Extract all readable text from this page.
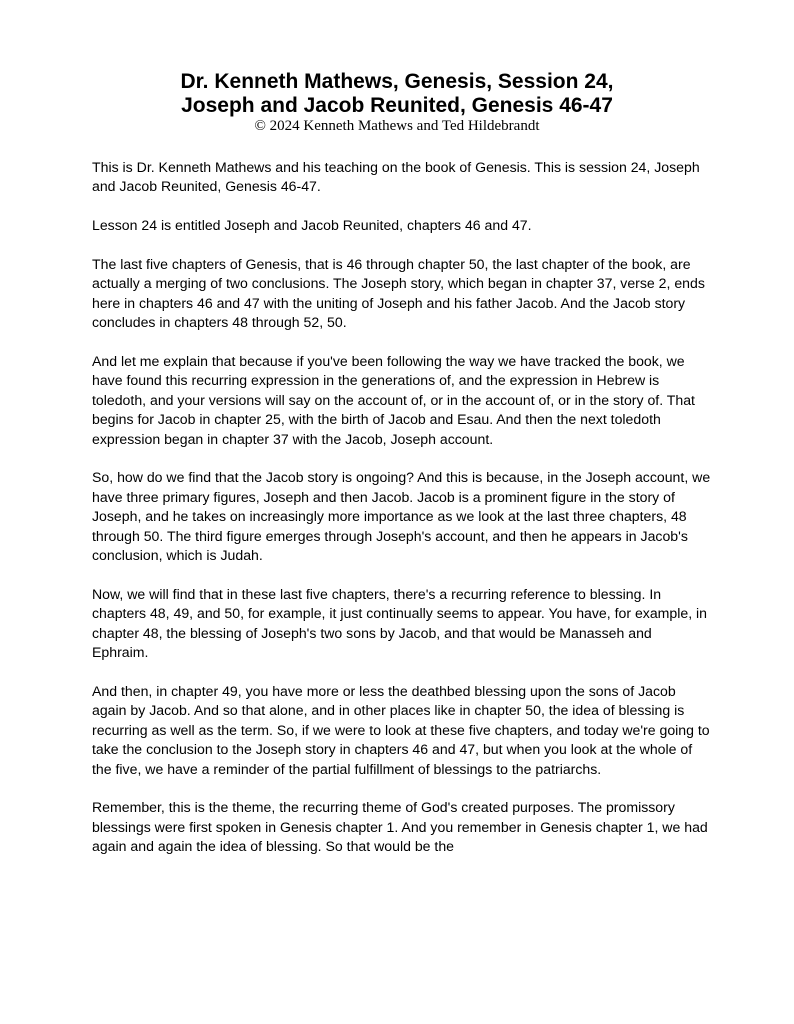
Dr. Kenneth Mathews, Genesis, Session 24,
Joseph and Jacob Reunited, Genesis 46-47
© 2024 Kenneth Mathews and Ted Hildebrandt

This is Dr. Kenneth Mathews and his teaching on the book of Genesis. This is session 24, Joseph and Jacob Reunited, Genesis 46-47.

Lesson 24 is entitled Joseph and Jacob Reunited, chapters 46 and 47.

The last five chapters of Genesis, that is 46 through chapter 50, the last chapter of the book, are actually a merging of two conclusions. The Joseph story, which began in chapter 37, verse 2, ends here in chapters 46 and 47 with the uniting of Joseph and his father Jacob. And the Jacob story concludes in chapters 48 through 52, 50.

And let me explain that because if you've been following the way we have tracked the book, we have found this recurring expression in the generations of, and the expression in Hebrew is toledoth, and your versions will say on the account of, or in the account of, or in the story of. That begins for Jacob in chapter 25, with the birth of Jacob and Esau. And then the next toledoth expression began in chapter 37 with the Jacob, Joseph account.

So, how do we find that the Jacob story is ongoing? And this is because, in the Joseph account, we have three primary figures, Joseph and then Jacob. Jacob is a prominent figure in the story of Joseph, and he takes on increasingly more importance as we look at the last three chapters, 48 through 50. The third figure emerges through Joseph's account, and then he appears in Jacob's conclusion, which is Judah.

Now, we will find that in these last five chapters, there's a recurring reference to blessing. In chapters 48, 49, and 50, for example, it just continually seems to appear. You have, for example, in chapter 48, the blessing of Joseph's two sons by Jacob, and that would be Manasseh and Ephraim.

And then, in chapter 49, you have more or less the deathbed blessing upon the sons of Jacob again by Jacob. And so that alone, and in other places like in chapter 50, the idea of blessing is recurring as well as the term. So, if we were to look at these five chapters, and today we're going to take the conclusion to the Joseph story in chapters 46 and 47, but when you look at the whole of the five, we have a reminder of the partial fulfillment of blessings to the patriarchs.

Remember, this is the theme, the recurring theme of God's created purposes. The promissory blessings were first spoken in Genesis chapter 1. And you remember in Genesis chapter 1, we had again and again the idea of blessing. So that would be the
